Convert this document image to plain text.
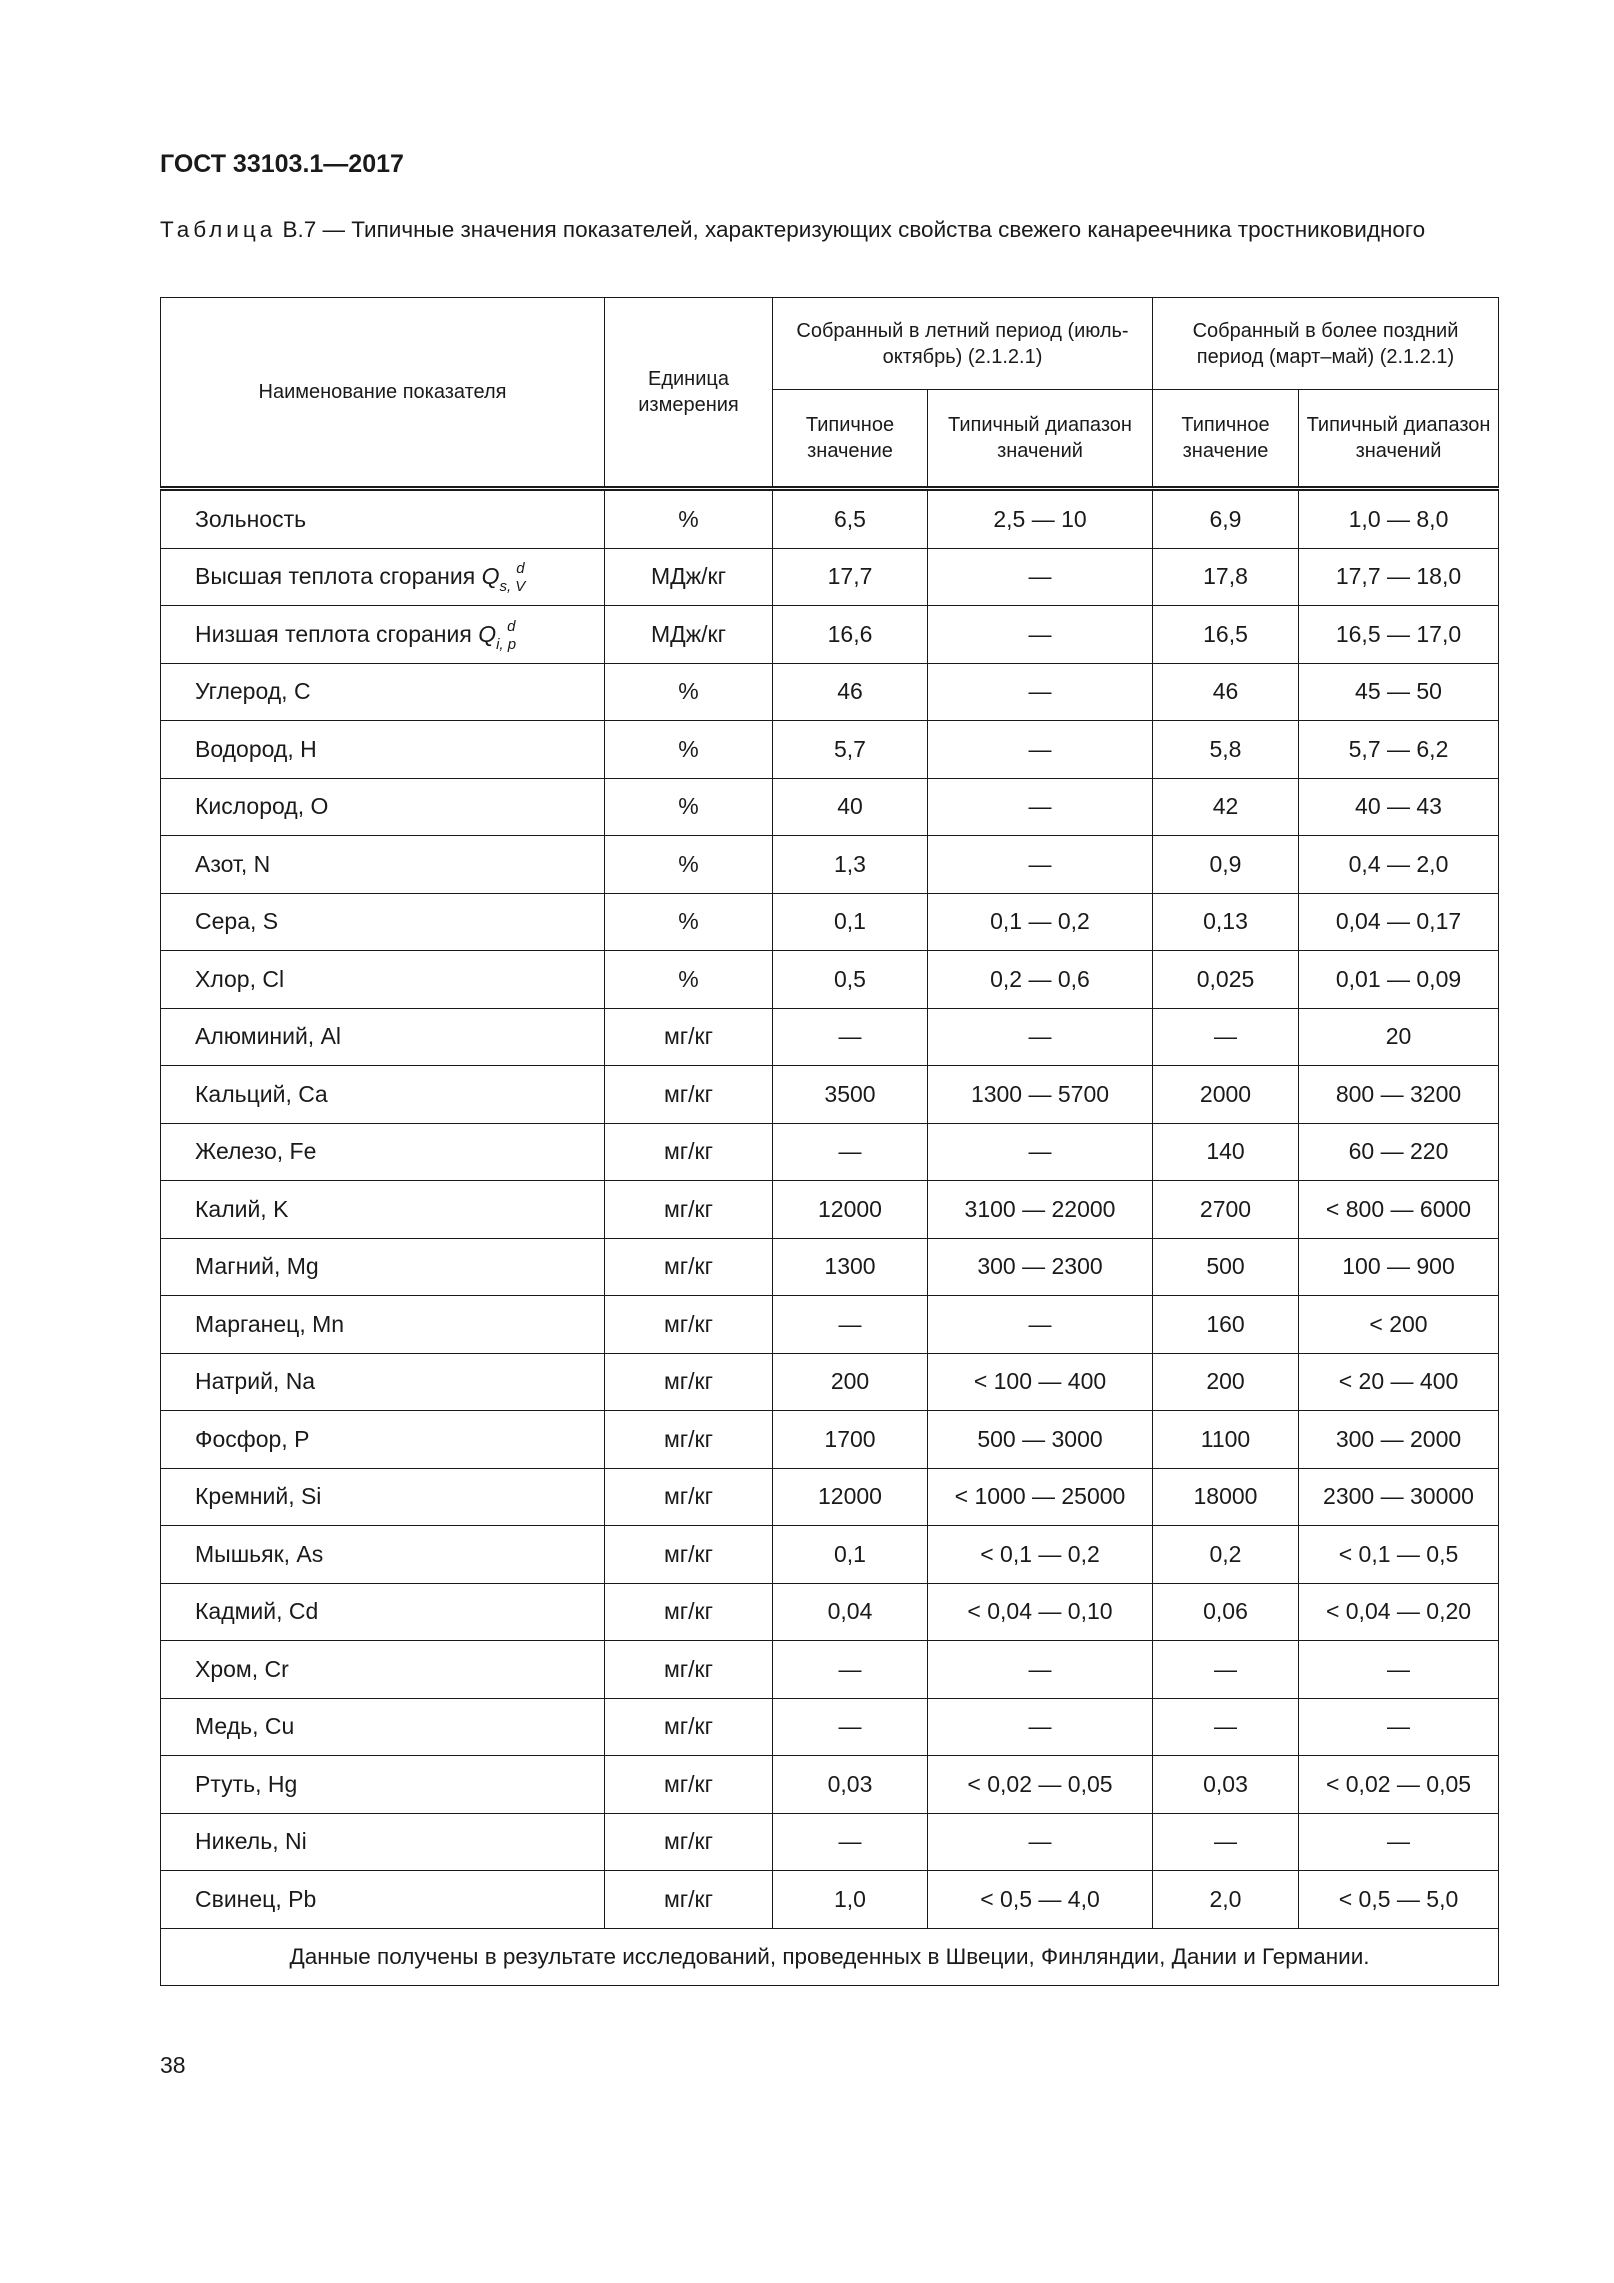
ГОСТ 33103.1—2017

Таблица В.7 — Типичные значения показателей, характеризующих свойства свежего канареечника тростниковидного

Наименование показателя	Единица измерения	Собранный в летний период (июль-октябрь) (2.1.2.1)		Собранный в более поздний период (март–май) (2.1.2.1)	
		Типичное значение	Типичный диапазон значений	Типичное значение	Типичный диапазон значений
Зольность	%	6,5	2,5 — 10	6,9	1,0 — 8,0
Высшая теплота сгорания $Q_{s, V}^d$	МДж/кг	17,7	—	17,8	17,7 — 18,0
Низшая теплота сгорания $Q_{i, p}^d$	МДж/кг	16,6	—	16,5	16,5 — 17,0
Углерод, C	%	46	—	46	45 — 50
Водород, H	%	5,7	—	5,8	5,7 — 6,2
Кислород, O	%	40	—	42	40 — 43
Азот, N	%	1,3	—	0,9	0,4 — 2,0
Сера, S	%	0,1	0,1 — 0,2	0,13	0,04 — 0,17
Хлор, Cl	%	0,5	0,2 — 0,6	0,025	0,01 — 0,09
Алюминий, Al	мг/кг	—	—	—	20
Кальций, Ca	мг/кг	3500	1300 — 5700	2000	800 — 3200
Железо, Fe	мг/кг	—	—	140	60 — 220
Калий, K	мг/кг	12000	3100 — 22000	2700	< 800 — 6000
Магний, Mg	мг/кг	1300	300 — 2300	500	100 — 900
Марганец, Mn	мг/кг	—	—	160	< 200
Натрий, Na	мг/кг	200	< 100 — 400	200	< 20 — 400
Фосфор, P	мг/кг	1700	500 — 3000	1100	300 — 2000
Кремний, Si	мг/кг	12000	< 1000 — 25000	18000	2300 — 30000
Мышьяк, As	мг/кг	0,1	< 0,1 — 0,2	0,2	< 0,1 — 0,5
Кадмий, Cd	мг/кг	0,04	< 0,04 — 0,10	0,06	< 0,04 — 0,20
Хром, Cr	мг/кг	—	—	—	—
Медь, Cu	мг/кг	—	—	—	—
Ртуть, Hg	мг/кг	0,03	< 0,02 — 0,05	0,03	< 0,02 — 0,05
Никель, Ni	мг/кг	—	—	—	—
Свинец, Pb	мг/кг	1,0	< 0,5 — 4,0	2,0	< 0,5 — 5,0
Данные получены в результате исследований, проведенных в Швеции, Финляндии, Дании и Германии.					

38
